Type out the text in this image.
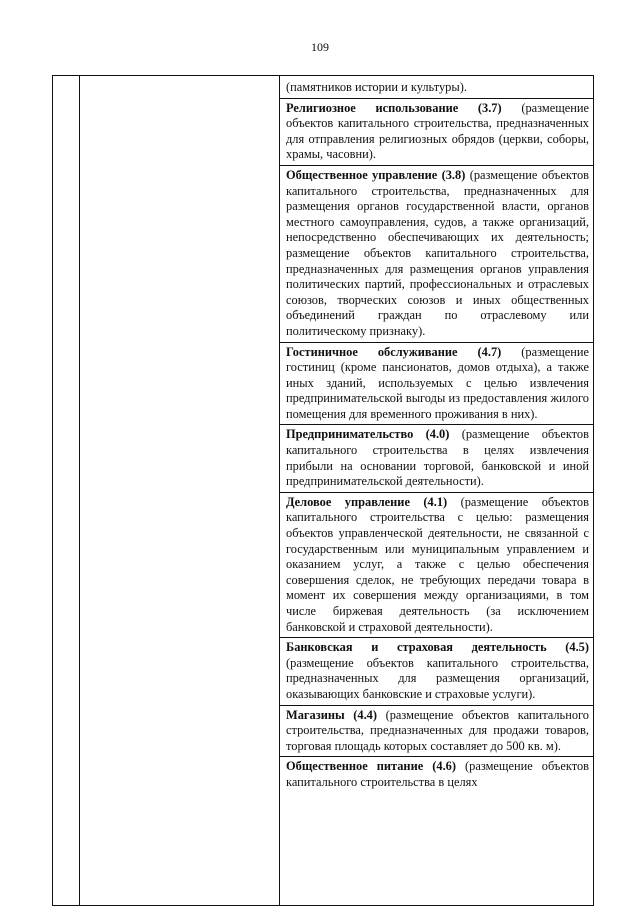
109

(памятников истории и культуры).

Религиозное использование (3.7) (размещение объектов капитального строительства, предназначенных для отправления религиозных обрядов (церкви, соборы, храмы, часовни).

Общественное управление (3.8) (размещение объектов капитального строительства, предназначенных для размещения органов государственной власти, органов местного самоуправления, судов, а также организаций, непосредственно обеспечивающих их деятельность; размещение объектов капитального строительства, предназначенных для размещения органов управления политических партий, профессиональных и отраслевых союзов, творческих союзов и иных общественных объединений граждан по отраслевому или политическому признаку).

Гостиничное обслуживание (4.7) (размещение гостиниц (кроме пансионатов, домов отдыха), а также иных зданий, используемых с целью извлечения предпринимательской выгоды из предоставления жилого помещения для временного проживания в них).

Предпринимательство (4.0) (размещение объектов капитального строительства в целях извлечения прибыли на основании торговой, банковской и иной предпринимательской деятельности).

Деловое управление (4.1) (размещение объектов капитального строительства с целью: размещения объектов управленческой деятельности, не связанной с государственным или муниципальным управлением и оказанием услуг, а также с целью обеспечения совершения сделок, не требующих передачи товара в момент их совершения между организациями, в том числе биржевая деятельность (за исключением банковской и страховой деятельности).

Банковская и страховая деятельность (4.5) (размещение объектов капитального строительства, предназначенных для размещения организаций, оказывающих банковские и страховые услуги).

Магазины (4.4) (размещение объектов капитального строительства, предназначенных для продажи товаров, торговая площадь которых составляет до 500 кв. м).

Общественное питание (4.6) (размещение объектов капитального строительства в целях
